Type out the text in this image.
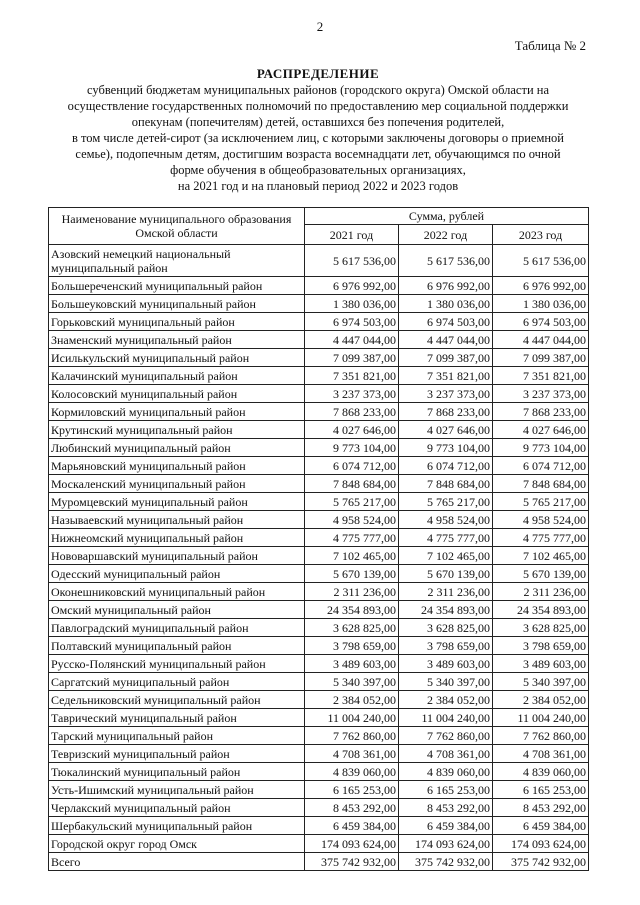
2
Таблица № 2

РАСПРЕДЕЛЕНИЕ

субвенций бюджетам муниципальных районов (городского округа) Омской области на

осуществление государственных полномочий по предоставлению мер социальной поддержки

опекунам (попечителям) детей, оставшихся без попечения родителей,

в том числе детей-сирот (за исключением лиц, с которыми заключены договоры о приемной

семье), подопечным детям, достигшим возраста восемнадцати лет, обучающимся по очной

форме обучения в общеобразовательных организациях,

на 2021 год и на плановый период 2022 и 2023 годов

Наименование муниципального образования Омской области	Сумма, рублей		
	2021 год	2022 год	2023 год
Азовский немецкий национальный муниципальный район	5 617 536,00	5 617 536,00	5 617 536,00
Большереченский муниципальный район	6 976 992,00	6 976 992,00	6 976 992,00
Большеуковский муниципальный район	1 380 036,00	1 380 036,00	1 380 036,00
Горьковский муниципальный район	6 974 503,00	6 974 503,00	6 974 503,00
Знаменский муниципальный район	4 447 044,00	4 447 044,00	4 447 044,00
Исилькульский муниципальный район	7 099 387,00	7 099 387,00	7 099 387,00
Калачинский муниципальный район	7 351 821,00	7 351 821,00	7 351 821,00
Колосовский муниципальный район	3 237 373,00	3 237 373,00	3 237 373,00
Кормиловский муниципальный район	7 868 233,00	7 868 233,00	7 868 233,00
Крутинский муниципальный район	4 027 646,00	4 027 646,00	4 027 646,00
Любинский муниципальный район	9 773 104,00	9 773 104,00	9 773 104,00
Марьяновский муниципальный район	6 074 712,00	6 074 712,00	6 074 712,00
Москаленский муниципальный район	7 848 684,00	7 848 684,00	7 848 684,00
Муромцевский муниципальный район	5 765 217,00	5 765 217,00	5 765 217,00
Называевский муниципальный район	4 958 524,00	4 958 524,00	4 958 524,00
Нижнеомский муниципальный район	4 775 777,00	4 775 777,00	4 775 777,00
Нововаршавский муниципальный район	7 102 465,00	7 102 465,00	7 102 465,00
Одесский муниципальный район	5 670 139,00	5 670 139,00	5 670 139,00
Оконешниковский муниципальный район	2 311 236,00	2 311 236,00	2 311 236,00
Омский муниципальный район	24 354 893,00	24 354 893,00	24 354 893,00
Павлоградский муниципальный район	3 628 825,00	3 628 825,00	3 628 825,00
Полтавский муниципальный район	3 798 659,00	3 798 659,00	3 798 659,00
Русско-Полянский муниципальный район	3 489 603,00	3 489 603,00	3 489 603,00
Саргатский муниципальный район	5 340 397,00	5 340 397,00	5 340 397,00
Седельниковский муниципальный район	2 384 052,00	2 384 052,00	2 384 052,00
Таврический муниципальный район	11 004 240,00	11 004 240,00	11 004 240,00
Тарский муниципальный район	7 762 860,00	7 762 860,00	7 762 860,00
Тевризский муниципальный район	4 708 361,00	4 708 361,00	4 708 361,00
Тюкалинский муниципальный район	4 839 060,00	4 839 060,00	4 839 060,00
Усть-Ишимский муниципальный район	6 165 253,00	6 165 253,00	6 165 253,00
Черлакский муниципальный район	8 453 292,00	8 453 292,00	8 453 292,00
Шербакульский муниципальный район	6 459 384,00	6 459 384,00	6 459 384,00
Городской округ город Омск	174 093 624,00	174 093 624,00	174 093 624,00
Всего	375 742 932,00	375 742 932,00	375 742 932,00
